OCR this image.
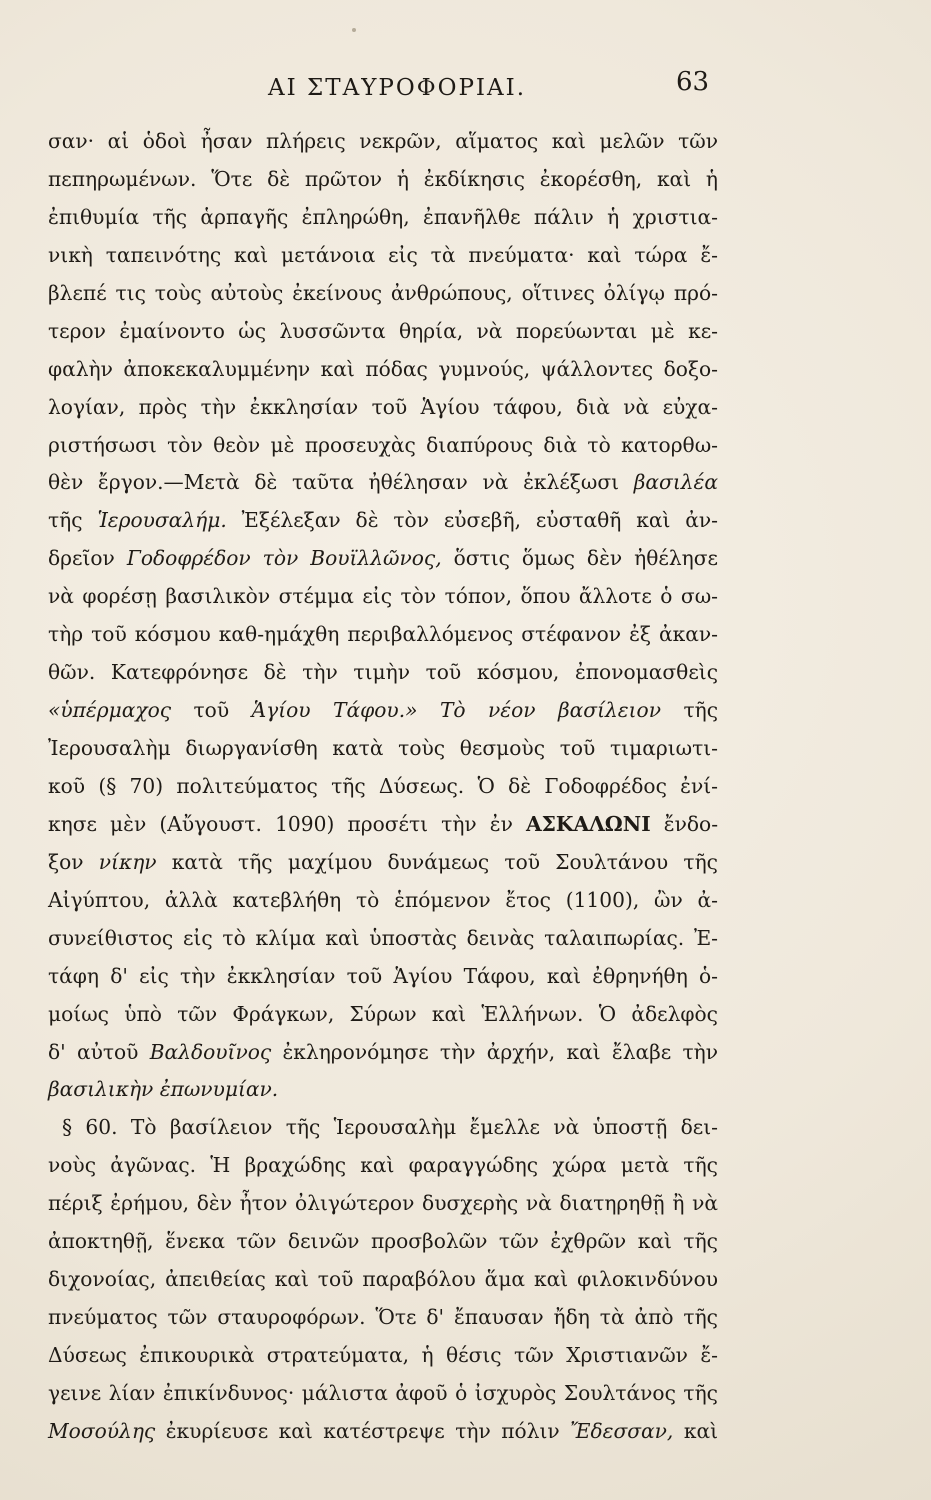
ΑΙ ΣΤΑΥΡΟΦΟΡΙΑΙ.	63
σαν· αἱ ὁδοὶ ἦσαν πλήρεις νεκρῶν, αἵματος καὶ μελῶν τῶν
πεπηρωμένων. Ὅτε δὲ πρῶτον ἡ ἐκδίκησις ἐκορέσθη, καὶ ἡ
ἐπιθυμία τῆς ἁρπαγῆς ἐπληρώθη, ἐπανῆλθε πάλιν ἡ χριστια-
νικὴ ταπεινότης καὶ μετάνοια εἰς τὰ πνεύματα· καὶ τώρα ἔ-
βλεπέ τις τοὺς αὐτοὺς ἐκείνους ἀνθρώπους, οἵτινες ὀλίγῳ πρό-
τερον ἐμαίνοντο ὡς λυσσῶντα θηρία, νὰ πορεύωνται μὲ κε-
φαλὴν ἀποκεκαλυμμένην καὶ πόδας γυμνούς, ψάλλοντες δοξο-
λογίαν, πρὸς τὴν ἐκκλησίαν τοῦ Ἁγίου τάφου, διὰ νὰ εὐχα-
ριστήσωσι τὸν θεὸν μὲ προσευχὰς διαπύρους διὰ τὸ κατορθω-
θὲν ἔργον.—Μετὰ δὲ ταῦτα ἠθέλησαν νὰ ἐκλέξωσι βασιλέα
τῆς Ἱερουσαλήμ. Ἐξέλεξαν δὲ τὸν εὐσεβῆ, εὐσταθῆ καὶ ἀν-
δρεῖον Γοδοφρέδον τὸν Βουϊλλῶνος, ὅστις ὅμως δὲν ἠθέλησε
νὰ φορέσῃ βασιλικὸν στέμμα εἰς τὸν τόπον, ὅπου ἄλλοτε ὁ σω-
τὴρ τοῦ κόσμου καθ-ημάχθη περιβαλλόμενος στέφανον ἐξ ἀκαν-
θῶν. Κατεφρόνησε δὲ τὴν τιμὴν τοῦ κόσμου, ἐπονομασθεὶς
«ὑπέρμαχος τοῦ Ἁγίου Τάφου.» Τὸ νέον βασίλειον τῆς
Ἰερουσαλὴμ διωργανίσθη κατὰ τοὺς θεσμοὺς τοῦ τιμαριωτι-
κοῦ (§ 70) πολιτεύματος τῆς Δύσεως. Ὁ δὲ Γοδοφρέδος ἐνί-
κησε μὲν (Αὔγουστ. 1090) προσέτι τὴν ἐν ΑΣΚΑΛΩΝΙ ἔνδο-
ξον νίκην κατὰ τῆς μαχίμου δυνάμεως τοῦ Σουλτάνου τῆς
Αἰγύπτου, ἀλλὰ κατεβλήθη τὸ ἑπόμενον ἔτος (1100), ὢν ἀ-
συνείθιστος εἰς τὸ κλίμα καὶ ὑποστὰς δεινὰς ταλαιπωρίας. Ἐ-
τάφη δ' εἰς τὴν ἐκκλησίαν τοῦ Ἁγίου Τάφου, καὶ ἐθρηνήθη ὁ-
μοίως ὑπὸ τῶν Φράγκων, Σύρων καὶ Ἑλλήνων. Ὁ ἀδελφὸς
δ' αὐτοῦ Βαλδουῖνος ἐκληρονόμησε τὴν ἀρχήν, καὶ ἔλαβε τὴν
βασιλικὴν ἐπωνυμίαν.
§ 60. Τὸ βασίλειον τῆς Ἱερουσαλὴμ ἔμελλε νὰ ὑποστῇ δει-
νοὺς ἀγῶνας. Ἡ βραχώδης καὶ φαραγγώδης χώρα μετὰ τῆς
πέριξ ἐρήμου, δὲν ἦτον ὀλιγώτερον δυσχερὴς νὰ διατηρηθῇ ἢ νὰ
ἀποκτηθῇ, ἕνεκα τῶν δεινῶν προσβολῶν τῶν ἐχθρῶν καὶ τῆς
διχονοίας, ἀπειθείας καὶ τοῦ παραβόλου ἅμα καὶ φιλοκινδύνου
πνεύματος τῶν σταυροφόρων. Ὅτε δ' ἔπαυσαν ἤδη τὰ ἀπὸ τῆς
Δύσεως ἐπικουρικὰ στρατεύματα, ἡ θέσις τῶν Χριστιανῶν ἔ-
γεινε λίαν ἐπικίνδυνος· μάλιστα ἀφοῦ ὁ ἰσχυρὸς Σουλτάνος τῆς
Μοσούλης ἐκυρίευσε καὶ κατέστρεψε τὴν πόλιν Ἔδεσσαν, καὶ
